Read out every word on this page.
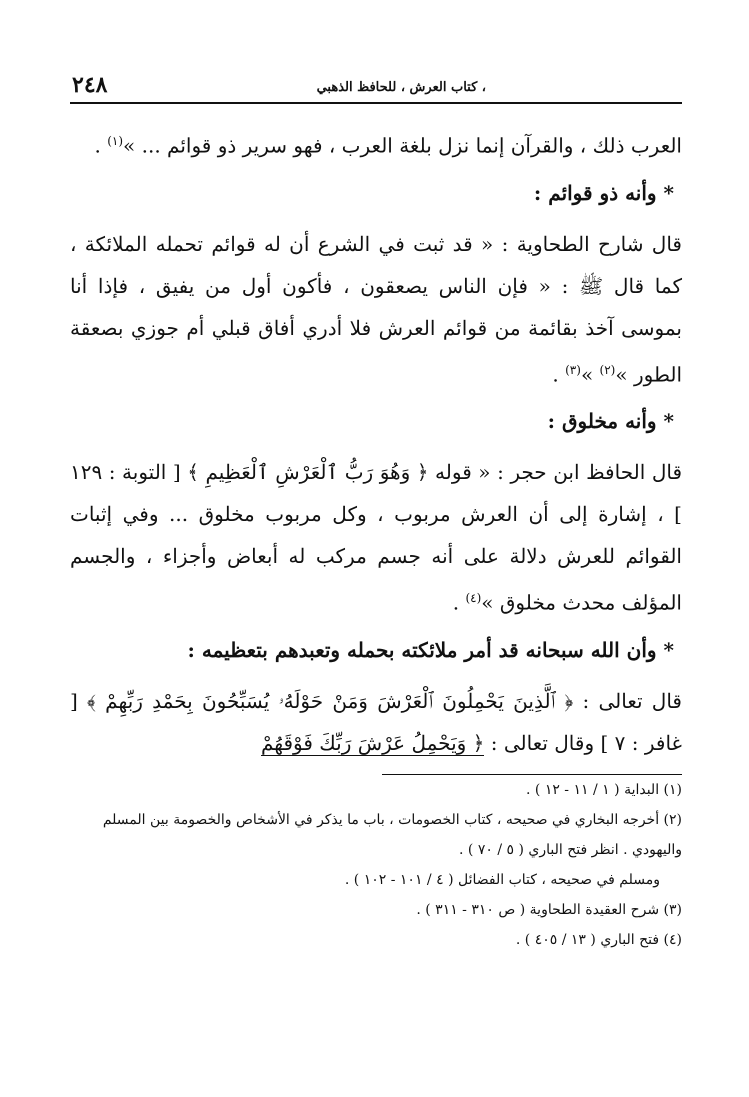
، كتاب العرش ، للحافظ الذهبي
٢٤٨

العرب ذلك ، والقرآن إنما نزل بلغة العرب ، فهو سرير ذو قوائم ... »$^{(١)}$ .

* وأنه ذو قوائم :

قال شارح الطحاوية : « قد ثبت في الشرع أن له قوائم تحمله الملائكة ، كما قال ﷺ : « فإن الناس يصعقون ، فأكون أول من يفيق ، فإذا أنا بموسى آخذ بقائمة من قوائم العرش فلا أدري أفاق قبلي أم جوزي بصعقة الطور »$^{(٢)}$ »$^{(٣)}$ .

* وأنه مخلوق :

قال الحافظ ابن حجر : « قوله ﴿ وَهُوَ رَبُّ ٱلْعَرْشِ ٱلْعَظِيمِ ﴾ [ التوبة : ١٢٩ ] ، إشارة إلى أن العرش مربوب ، وكل مربوب مخلوق ... وفي إثبات القوائم للعرش دلالة على أنه جسم مركب له أبعاض وأجزاء ، والجسم المؤلف محدث مخلوق »$^{(٤)}$ .

* وأن الله سبحانه قد أمر ملائكته بحمله وتعبدهم بتعظيمه :

قال تعالى : ﴿ ٱلَّذِينَ يَحْمِلُونَ ٱلْعَرْشَ وَمَنْ حَوْلَهُۥ يُسَبِّحُونَ بِحَمْدِ رَبِّهِمْ ﴾ [ غافر : ٧ ] وقال تعالى : ﴿ وَيَحْمِلُ عَرْشَ رَبِّكَ فَوْقَهُمْ

(١) البداية ( ١ / ١١ - ١٢ ) .

(٢) أخرجه البخاري في صحيحه ، كتاب الخصومات ، باب ما يذكر في الأشخاص والخصومة بين المسلم واليهودي . انظر فتح الباري ( ٥ / ٧٠ ) .

ومسلم في صحيحه ، كتاب الفضائل ( ٤ / ١٠١ - ١٠٢ ) .

(٣) شرح العقيدة الطحاوية ( ص ٣١٠ - ٣١١ ) .

(٤) فتح الباري ( ١٣ / ٤٠٥ ) .
